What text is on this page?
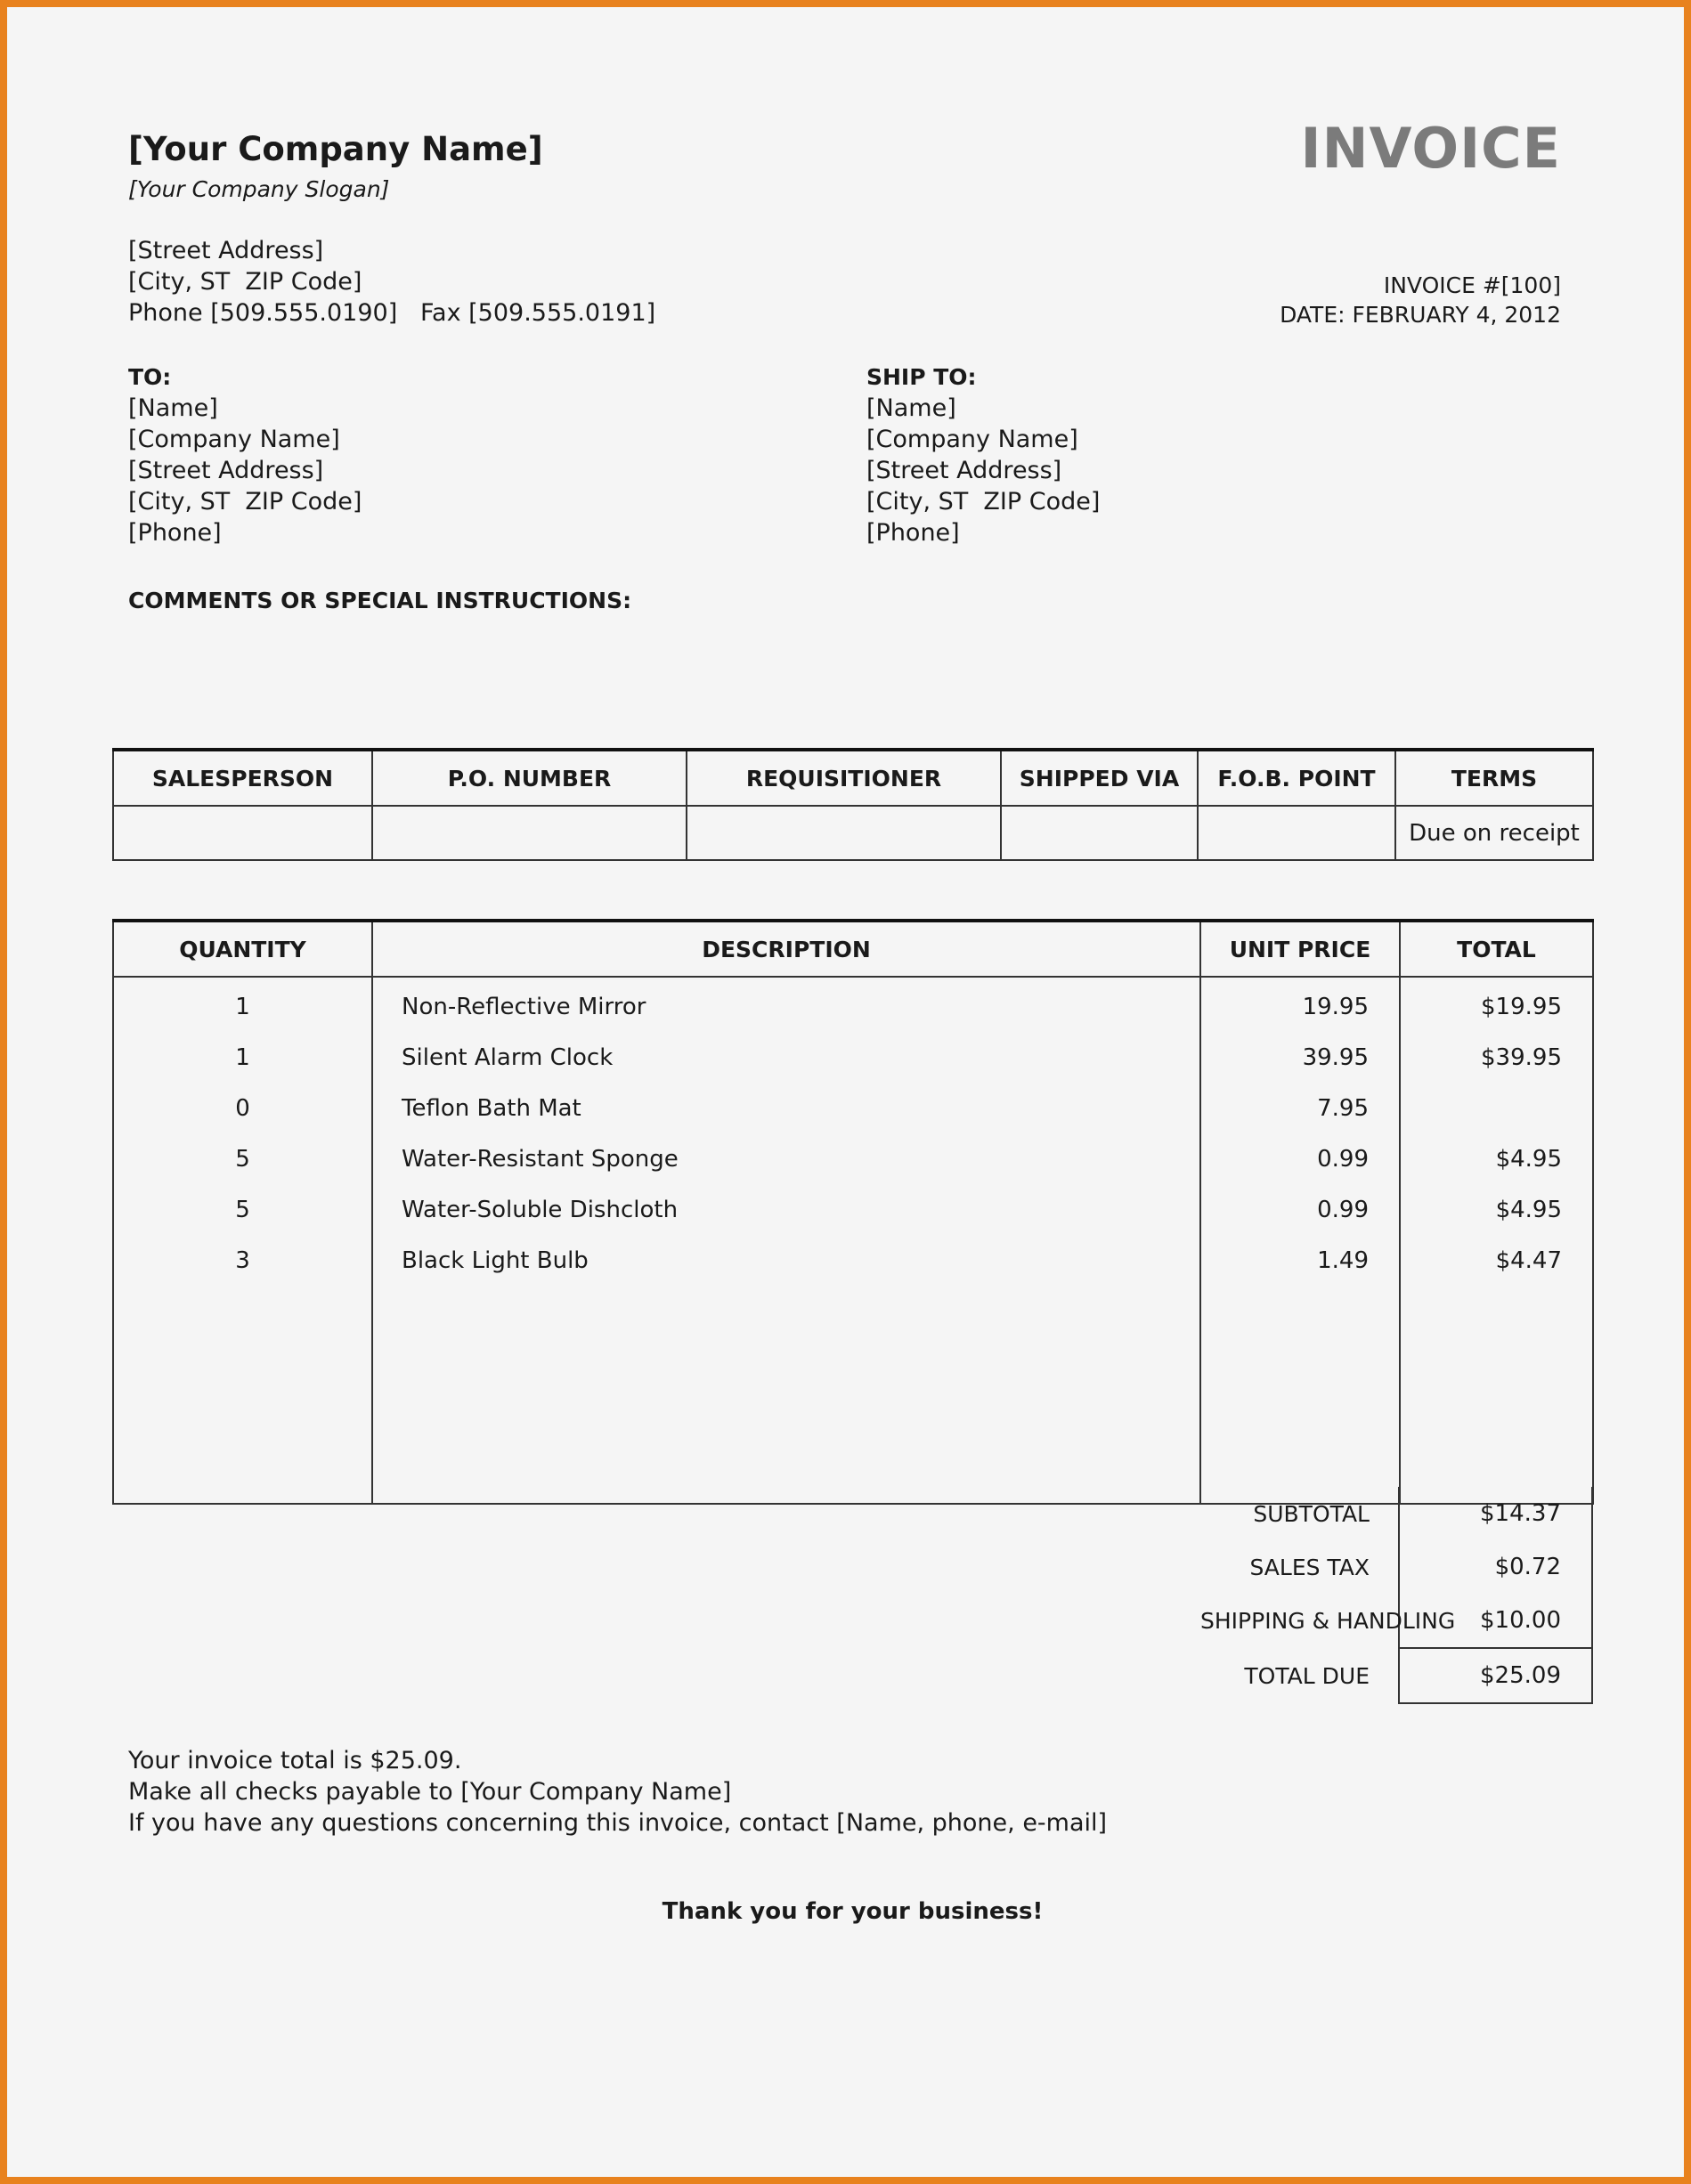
[Your Company Name]
[Your Company Slogan]
[Street Address]
[City, ST  ZIP Code]
Phone [509.555.0190]   Fax [509.555.0191]
INVOICE
INVOICE #[100]
DATE: FEBRUARY 4, 2012
TO:
[Name]
[Company Name]
[Street Address]
[City, ST  ZIP Code]
[Phone]
SHIP TO:
[Name]
[Company Name]
[Street Address]
[City, ST  ZIP Code]
[Phone]
COMMENTS OR SPECIAL INSTRUCTIONS:
SALESPERSON	P.O. NUMBER	REQUISITIONER	SHIPPED VIA	F.O.B. POINT	TERMS
					Due on receipt
QUANTITY	DESCRIPTION	UNIT PRICE	TOTAL
1	Non-Reflective Mirror	19.95	$19.95
1	Silent Alarm Clock	39.95	$39.95
0	Teflon Bath Mat	7.95	
5	Water-Resistant Sponge	0.99	$4.95
5	Water-Soluble Dishcloth	0.99	$4.95
3	Black Light Bulb	1.49	$4.47

SUBTOTAL	$14.37
SALES TAX	$0.72
SHIPPING & HANDLING	$10.00
TOTAL DUE	$25.09
Your invoice total is $25.09.
Make all checks payable to [Your Company Name]
If you have any questions concerning this invoice, contact [Name, phone, e-mail]
Thank you for your business!
